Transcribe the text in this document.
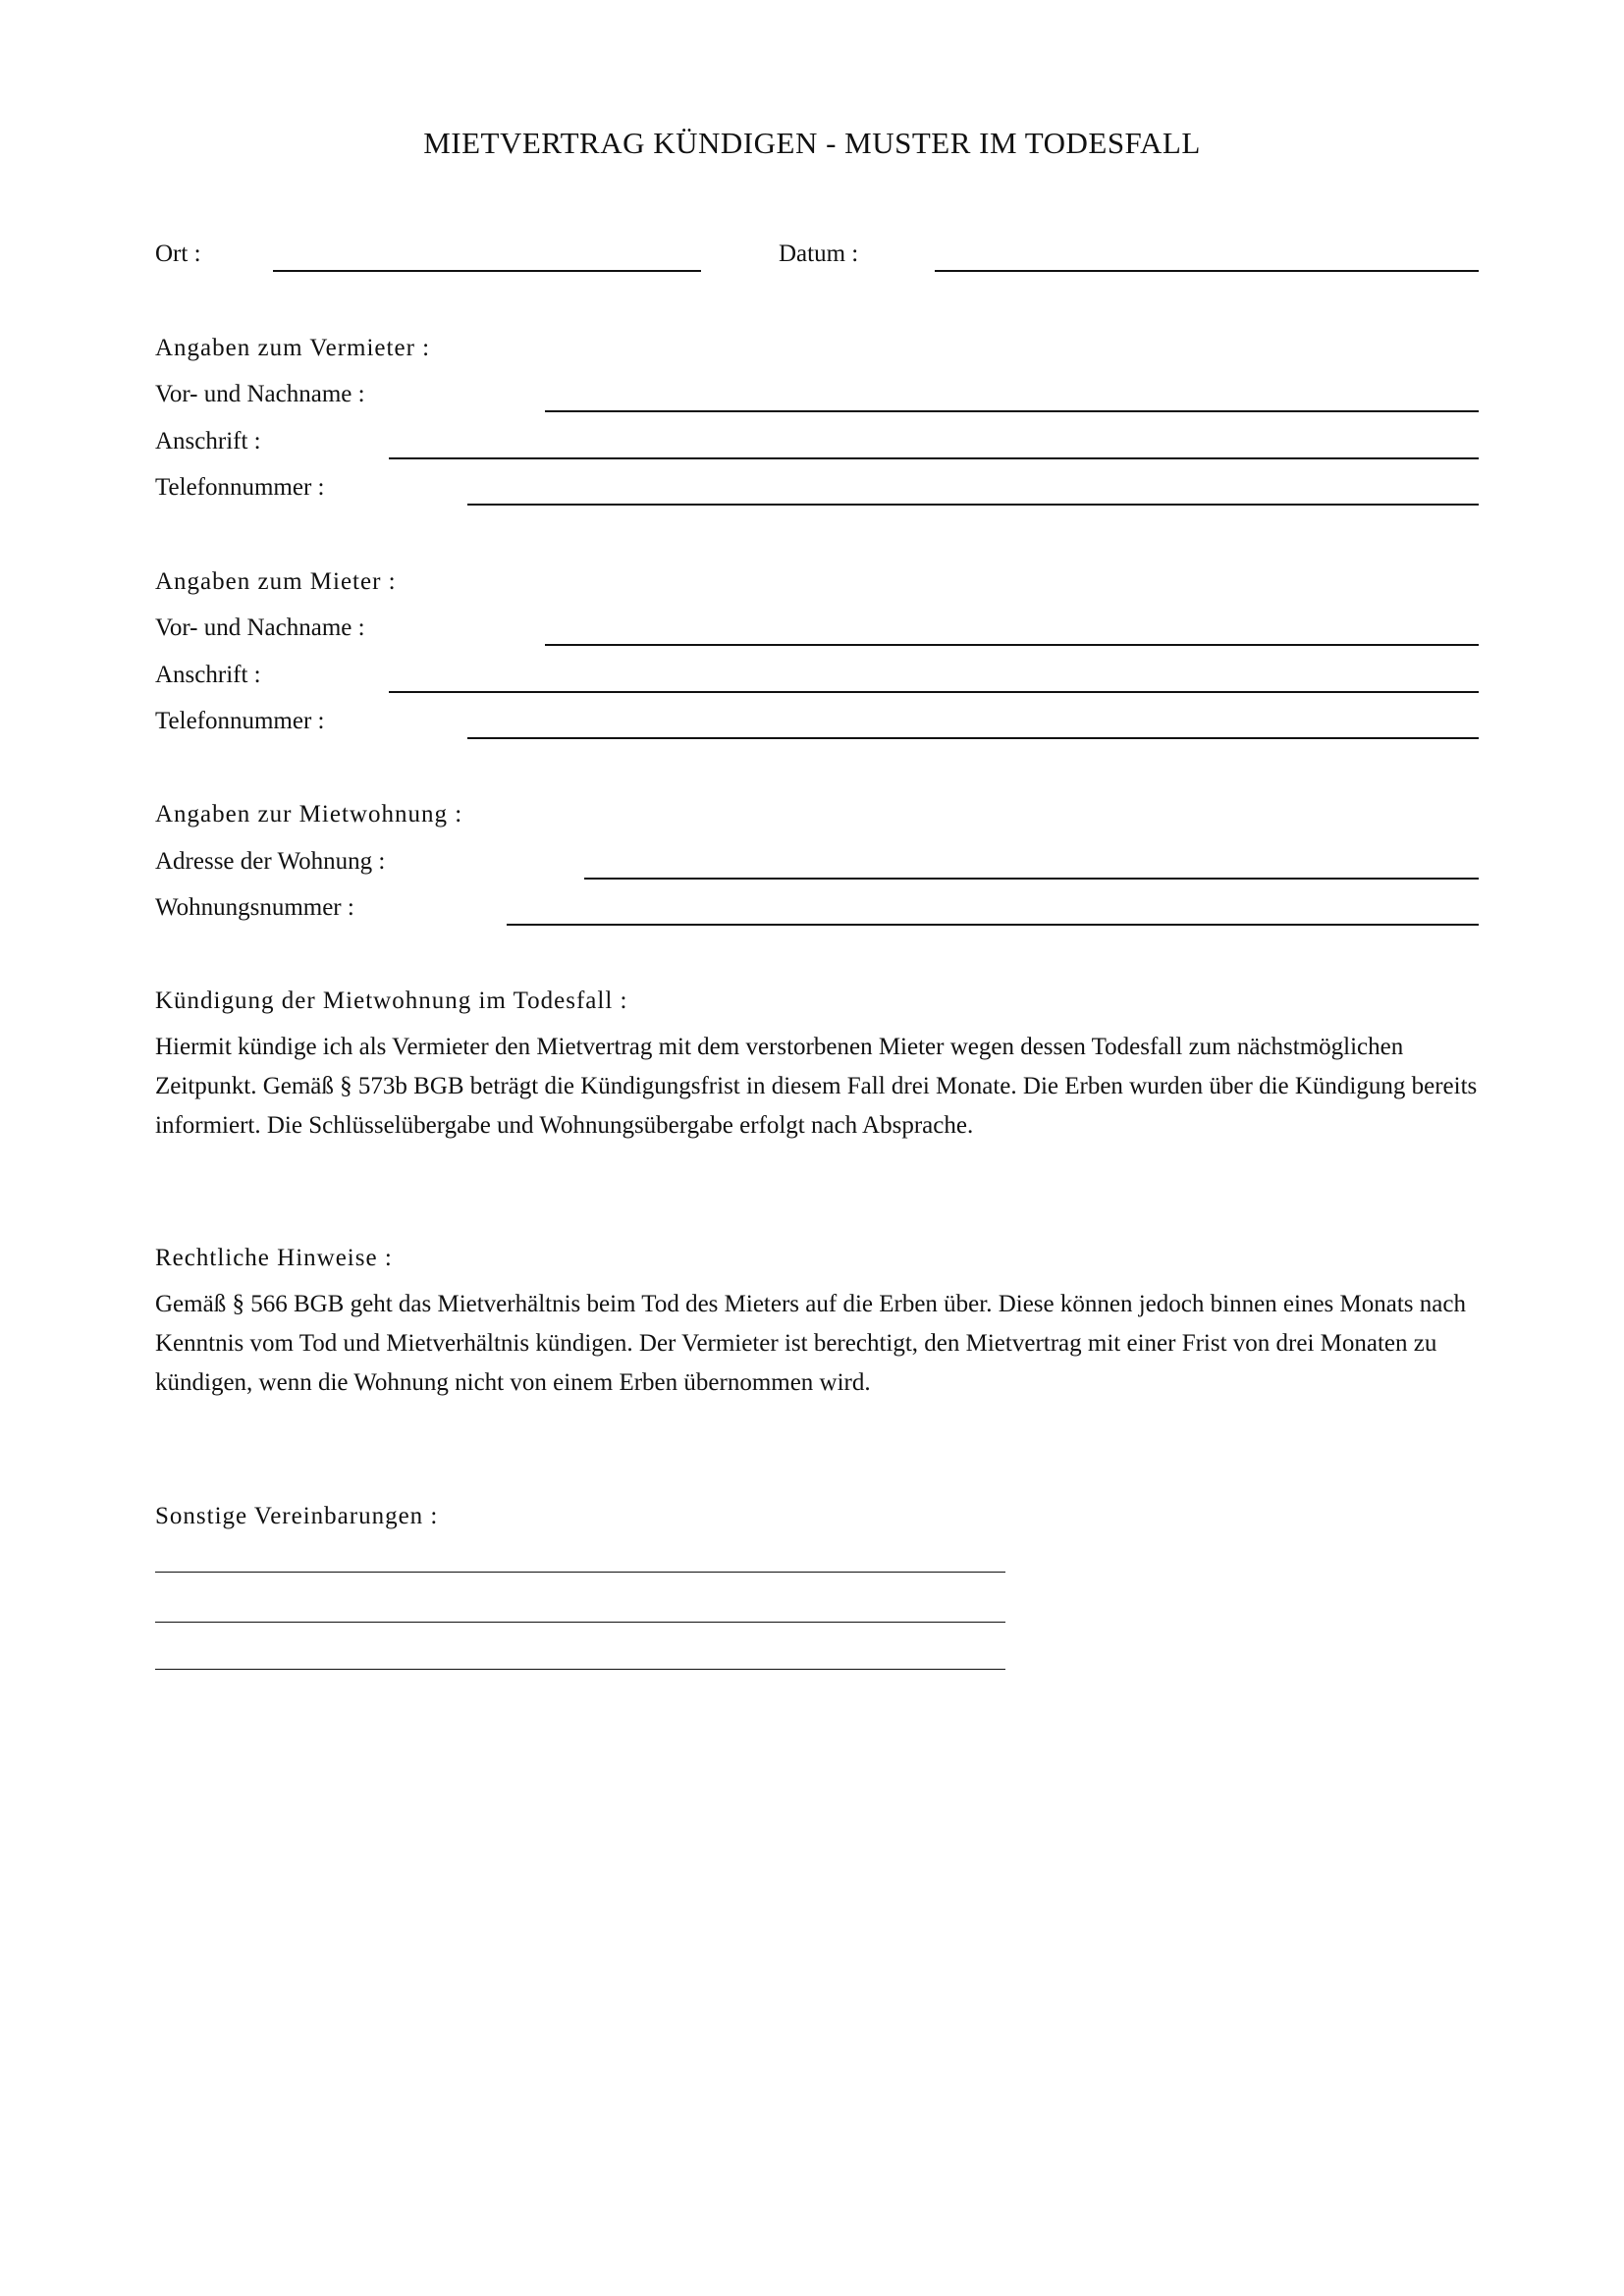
MIETVERTRAG KÜNDIGEN - MUSTER IM TODESFALL
Ort :	Datum :
Angaben zum Vermieter :
Vor- und Nachname :
Anschrift :
Telefonnummer :
Angaben zum Mieter :
Vor- und Nachname :
Anschrift :
Telefonnummer :
Angaben zur Mietwohnung :
Adresse der Wohnung :
Wohnungsnummer :
Kündigung der Mietwohnung im Todesfall :
Hiermit kündige ich als Vermieter den Mietvertrag mit dem verstorbenen Mieter wegen dessen Todesfall zum nächstmöglichen Zeitpunkt. Gemäß § 573b BGB beträgt die Kündigungsfrist in diesem Fall drei Monate. Die Erben wurden über die Kündigung bereits informiert. Die Schlüsselübergabe und Wohnungsübergabe erfolgt nach Absprache.
Rechtliche Hinweise :
Gemäß § 566 BGB geht das Mietverhältnis beim Tod des Mieters auf die Erben über. Diese können jedoch binnen eines Monats nach Kenntnis vom Tod und Mietverhältnis kündigen. Der Vermieter ist berechtigt, den Mietvertrag mit einer Frist von drei Monaten zu kündigen, wenn die Wohnung nicht von einem Erben übernommen wird.
Sonstige Vereinbarungen :
